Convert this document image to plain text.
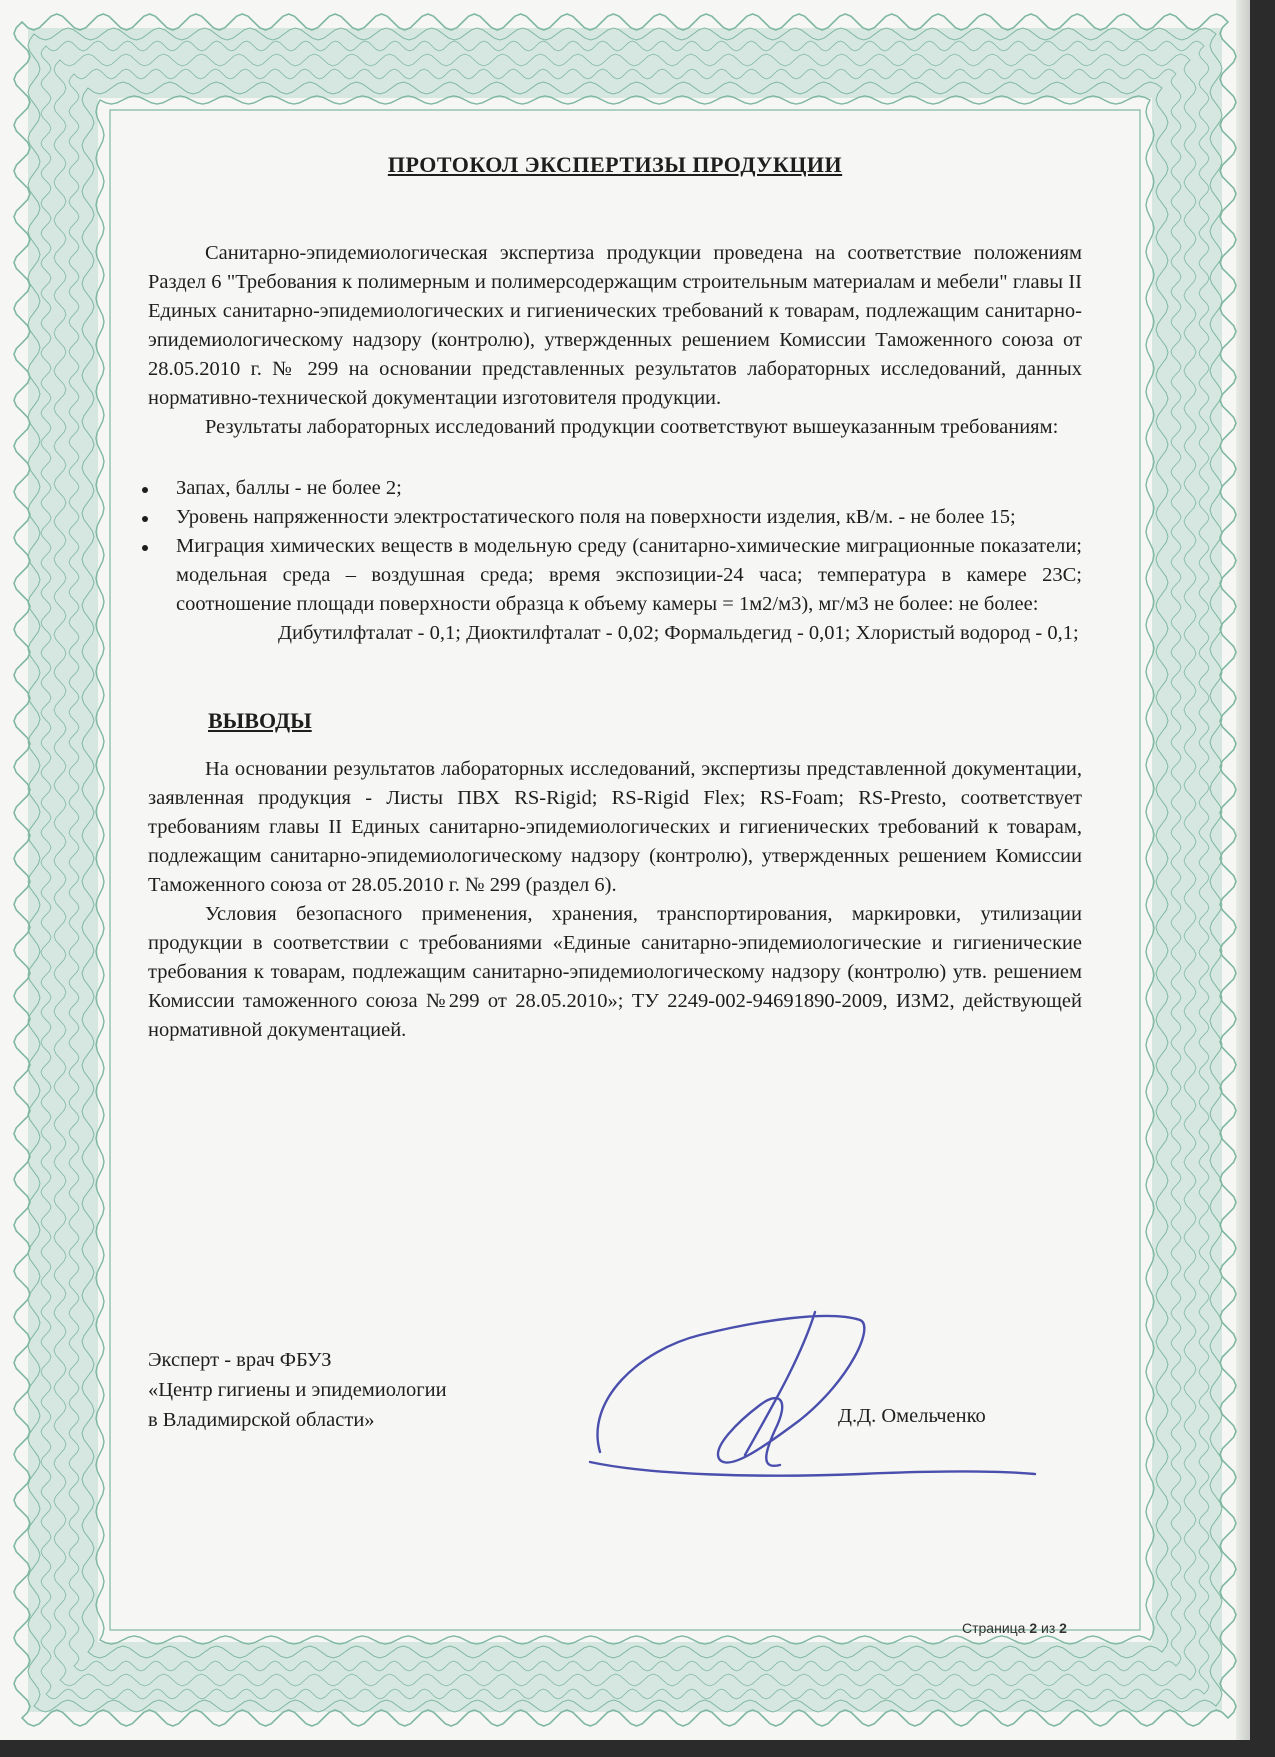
ПРОТОКОЛ ЭКСПЕРТИЗЫ ПРОДУКЦИИ

Санитарно-эпидемиологическая экспертиза продукции проведена на соответствие положениям Раздел 6 "Требования к полимерным и полимерсодержащим строительным материалам и мебели" главы II Единых санитарно-эпидемиологических и гигиенических требований к товарам, подлежащим санитарно-эпидемиологическому надзору (контролю), утвержденных решением Комиссии Таможенного союза от 28.05.2010 г. № 299 на основании представленных результатов лабораторных исследований, данных нормативно-технической документации изготовителя продукции.

Результаты лабораторных исследований продукции соответствуют вышеуказанным требованиям:

Запах, баллы - не более 2;
Уровень напряженности электростатического поля на поверхности изделия, кВ/м. - не более 15;
Миграция химических веществ в модельную среду (санитарно-химические миграционные показатели; модельная среда – воздушная среда; время экспозиции-24 часа; температура в камере 23С; соотношение площади поверхности образца к объему камеры = 1м2/м3), мг/м3 не более: не более:

Дибутилфталат - 0,1; Диоктилфталат - 0,02; Формальдегид - 0,01; Хлористый водород - 0,1;

ВЫВОДЫ

На основании результатов лабораторных исследований, экспертизы представленной документации, заявленная продукция - Листы ПВХ RS-Rigid; RS-Rigid Flex; RS-Foam; RS-Presto, соответствует требованиям главы II Единых санитарно-эпидемиологических и гигиенических требований к товарам, подлежащим санитарно-эпидемиологическому надзору (контролю), утвержденных решением Комиссии Таможенного союза от 28.05.2010 г. № 299 (раздел 6).

Условия безопасного применения, хранения, транспортирования, маркировки, утилизации продукции в соответствии с требованиями «Единые санитарно-эпидемиологические и гигиенические требования к товарам, подлежащим санитарно-эпидемиологическому надзору (контролю) утв. решением Комиссии таможенного союза №299 от 28.05.2010»; ТУ 2249-002-94691890-2009, ИЗМ2, действующей нормативной документацией.

Эксперт - врач ФБУЗ
«Центр гигиены и эпидемиологии
в Владимирской области»	Д.Д. Омельченко
Страница 2 из 2
